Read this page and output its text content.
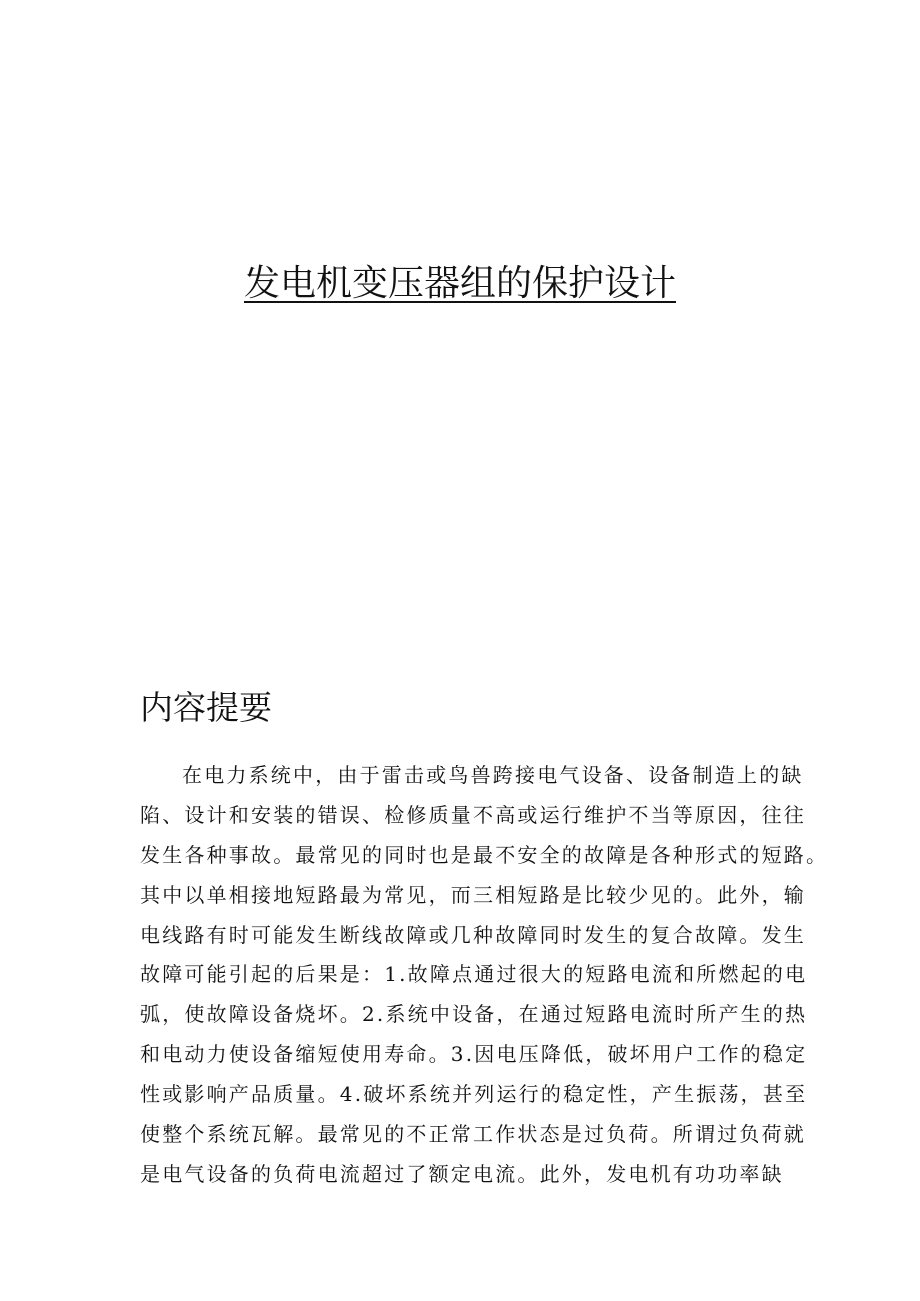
发电机变压器组的保护设计
内容提要
在电力系统中，由于雷击或鸟兽跨接电气设备、设备制造上的缺
陷、设计和安装的错误、检修质量不高或运行维护不当等原因，往往
发生各种事故。最常见的同时也是最不安全的故障是各种形式的短路。
其中以单相接地短路最为常见，而三相短路是比较少见的。此外，输
电线路有时可能发生断线故障或几种故障同时发生的复合故障。发生
故障可能引起的后果是：1.故障点通过很大的短路电流和所燃起的电
弧，使故障设备烧坏。2.系统中设备，在通过短路电流时所产生的热
和电动力使设备缩短使用寿命。3.因电压降低，破坏用户工作的稳定
性或影响产品质量。4.破坏系统并列运行的稳定性，产生振荡，甚至
使整个系统瓦解。最常见的不正常工作状态是过负荷。所谓过负荷就
是电气设备的负荷电流超过了额定电流。此外，发电机有功功率缺
